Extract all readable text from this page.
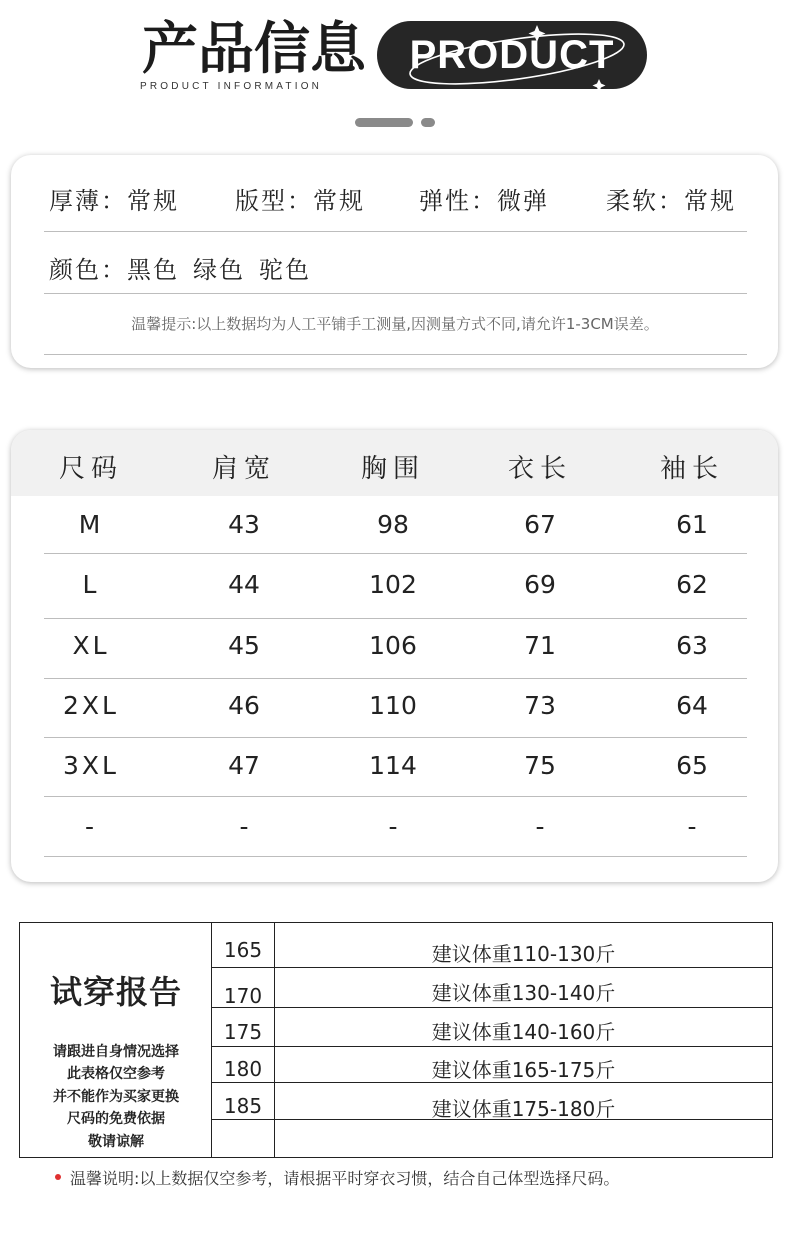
产品信息
PRODUCT INFORMATION
PRODUCT
厚薄：常规 版型：常规 弹性：微弹 柔软：常规
颜色：黑色 绿色 驼色
温馨提示:以上数据均为人工平铺手工测量,因测量方式不同,请允许1-3CM误差。
尺码	肩宽	胸围	衣长	袖长
M	43	98	67	61
L	44	102	69	62
XL	45	106	71	63
2XL	46	110	73	64
3XL	47	114	75	65
-	-	-	-	-
试穿报告
请跟进自身情况选择
此表格仅空参考
并不能作为买家更换
尺码的免费依据
敬请谅解
165	建议体重110-130斤
170	建议体重130-140斤
175	建议体重140-160斤
180	建议体重165-175斤
185	建议体重175-180斤
温馨说明:以上数据仅空参考，请根据平时穿衣习惯，结合自己体型选择尺码。
